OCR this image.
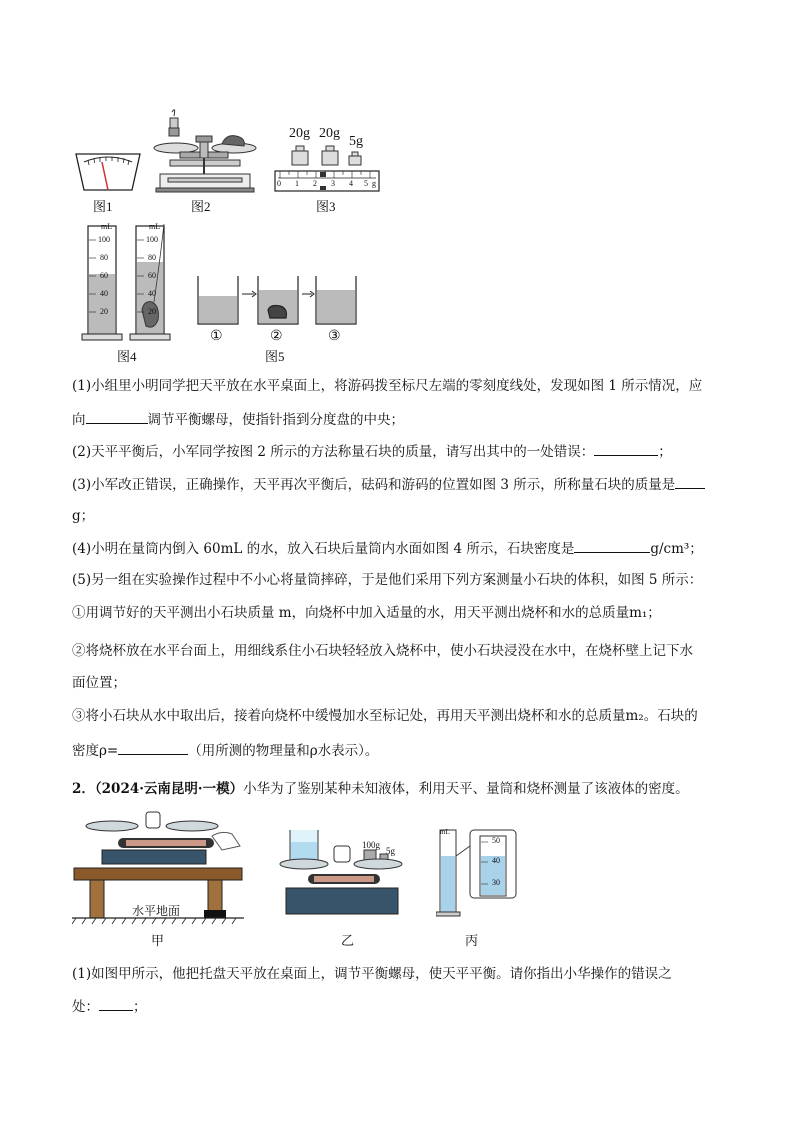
图1	图2
20g 20g
5g
0 1 2 3 4 5 g
图3
mL
100
80
60
40
20
mL
100
80
60
40
20
图4
①	②	③
图5
(1)小组里小明同学把天平放在水平桌面上，将游码拨至标尺左端的零刻度线处，发现如图 1 所示情况，应
向	调节平衡螺母，使指针指到分度盘的中央；
(2)天平平衡后，小军同学按图 2 所示的方法称量石块的质量，请写出其中的一处错误：	；
(3)小军改正错误，正确操作，天平再次平衡后，砝码和游码的位置如图 3 所示，所称量石块的质量是
g；
(4)小明在量筒内倒入 60mL 的水，放入石块后量筒内水面如图 4 所示，石块密度是	g/cm³；
(5)另一组在实验操作过程中不小心将量筒摔碎，于是他们采用下列方案测量小石块的体积，如图 5 所示：
①用调节好的天平测出小石块质量 m，向烧杯中加入适量的水，用天平测出烧杯和水的总质量m₁；
②将烧杯放在水平台面上，用细线系住小石块轻轻放入烧杯中，使小石块浸没在水中，在烧杯壁上记下水
面位置；
③将小石块从水中取出后，接着向烧杯中缓慢加水至标记处，再用天平测出烧杯和水的总质量m₂。石块的
密度ρ=	（用所测的物理量和ρ水表示）。
2．（2024·云南昆明·一模）小华为了鉴别某种未知液体，利用天平、量筒和烧杯测量了该液体的密度。
水平地面
甲
100g
5g
乙
mL
50
40
30
丙
(1)如图甲所示，他把托盘天平放在桌面上，调节平衡螺母，使天平平衡。请你指出小华操作的错误之
处：	；
